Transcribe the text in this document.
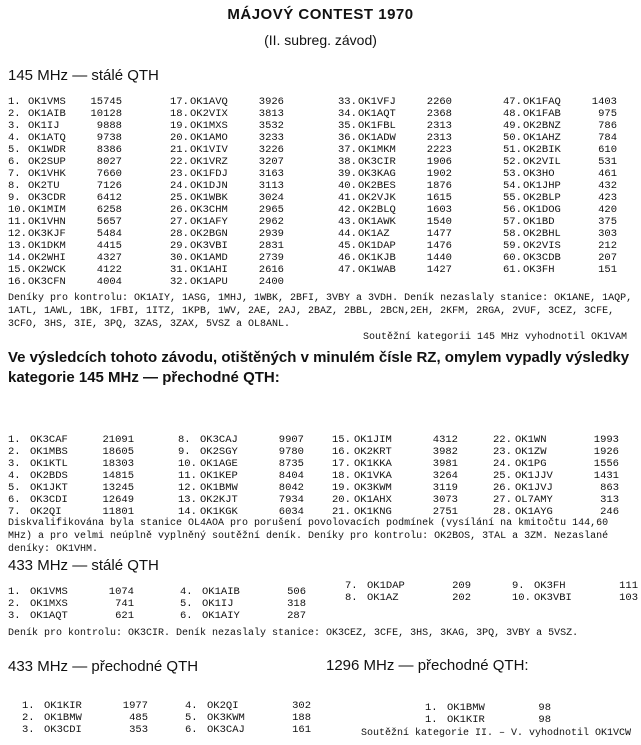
MÁJOVÝ CONTEST 1970
(II. subreg. závod)
145 MHz — stálé QTH
1. OK1VMS	15745
2. OK1AIB	10128
3. OK1IJ	9888
4. OK1ATQ	9738
5. OK1WDR	8386
6. OK2SUP	8027
7. OK1VHK	7660
8. OK2TU	7126
9. OK3CDR	6412
10. OK1MIM	6258
11. OK1VHN	5657
12. OK3KJF	5484
13. OK1DKM	4415
14. OK2WHI	4327
15. OK2WCK	4122
16. OK3CFN	4004
17. OK1AVQ	3926
18. OK2VIX	3813
19. OK1MXS	3532
20. OK1AMO	3233
21. OK1VIV	3226
22. OK1VRZ	3207
23. OK1FDJ	3163
24. OK1DJN	3113
25. OK1WBK	3024
26. OK3CHM	2965
27. OK1AFY	2962
28. OK2BGN	2939
29. OK3VBI	2831
30. OK1AMD	2739
31. OK1AHI	2616
32. OK1APU	2400
33. OK1VFJ	2260
34. OK1AQT	2368
35. OK1FBL	2313
36. OK1ADW	2313
37. OK1MKM	2223
38. OK3CIR	1906
39. OK3KAG	1902
40. OK2BES	1876
41. OK2VJK	1615
42. OK2BLQ	1603
43. OK1AWK	1540
44. OK1AZ	1477
45. OK1DAP	1476
46. OK1KJB	1440
47. OK1WAB	1427
47. OK1FAQ	1403
48. OK1FAB	975
49. OK2BNZ	786
50. OK1AHZ	784
51. OK2BIK	610
52. OK2VIL	531
53. OK3HO	461
54. OK1JHP	432
55. OK2BLP	423
56. OK1DOG	420
57. OK1BD	375
58. OK2BHL	303
59. OK2VIS	212
60. OK3CDB	207
61. OK3FH	151
Deníky pro kontrolu: OK1AIY, 1ASG, 1MHJ, 1WBK, 2BFI, 3VBY a 3VDH. Deník nezaslaly stanice: OK1ANE, 1AQP, 1ATL, 1AWL, 1BK, 1FBI, 1ITZ, 1KPB, 1WV, 2AE, 2AJ, 2BAZ, 2BBL, 2BCN,2EH, 2KFM, 2RGA, 2VUF, 3CEZ, 3CFE, 3CFO, 3HS, 3IE, 3PQ, 3ZAS, 3ZAX, 5VSZ a OL8ANL.
Soutěžní kategorii 145 MHz vyhodnotil OK1VAM
Ve výsledcích tohoto závodu, otištěných v minulém čísle RZ, omylem vypadly výsledky kategorie 145 MHz — přechodné QTH:
1. OK3CAF	21091
2. OK1MBS	18605
3. OK1KTL	18303
4. OK2BDS	14815
5. OK1JKT	13245
6. OK3CDI	12649
7. OK2QI	11801
8. OK3CAJ	9907
9. OK2SGY	9780
10. OK1AGE	8735
11. OK1KEP	8404
12. OK1BMW	8042
13. OK2KJT	7934
14. OK1KGK	6034
15. OK1JIM	4312
16. OK2KRT	3982
17. OK1KKA	3981
18. OK1VKA	3264
19. OK3KWM	3119
20. OK1AHX	3073
21. OK1KNG	2751
22. OK1WN	1993
23. OK1ZW	1926
24. OK1PG	1556
25. OK1JJV	1431
26. OK1JVJ	863
27. OL7AMY	313
28. OK1AYG	246
Diskvalifikována byla stanice OL4AOA pro porušení povolovacích podmínek (vysílání na kmitočtu 144,60 MHz) a pro velmi neúplně vyplněný soutěžní deník. Deníky pro kontrolu: OK2BOS, 3TAL a 3ZM. Nezaslané deníky: OK1VHM.
433 MHz — stálé QTH
1. OK1VMS	1074
2. OK1MXS	741
3. OK1AQT	621
4. OK1AIB	506
5. OK1IJ	318
6. OK1AIY	287
7. OK1DAP	209
8. OK1AZ	202
9. OK3FH	111
10. OK3VBI	103
Deník pro kontrolu: OK3CIR. Deník nezaslaly stanice: OK3CEZ, 3CFE, 3HS, 3KAG, 3PQ, 3VBY a 5VSZ.
433 MHz — přechodné QTH
1. OK1KIR	1977
2. OK1BMW	485
3. OK3CDI	353
4. OK2QI	302
5. OK3KWM	188
6. OK3CAJ	161
1296 MHz — přechodné QTH:
1. OK1BMW	98
1. OK1KIR	98
Soutěžní kategorie II. – V. vyhodnotil OK1VCW
